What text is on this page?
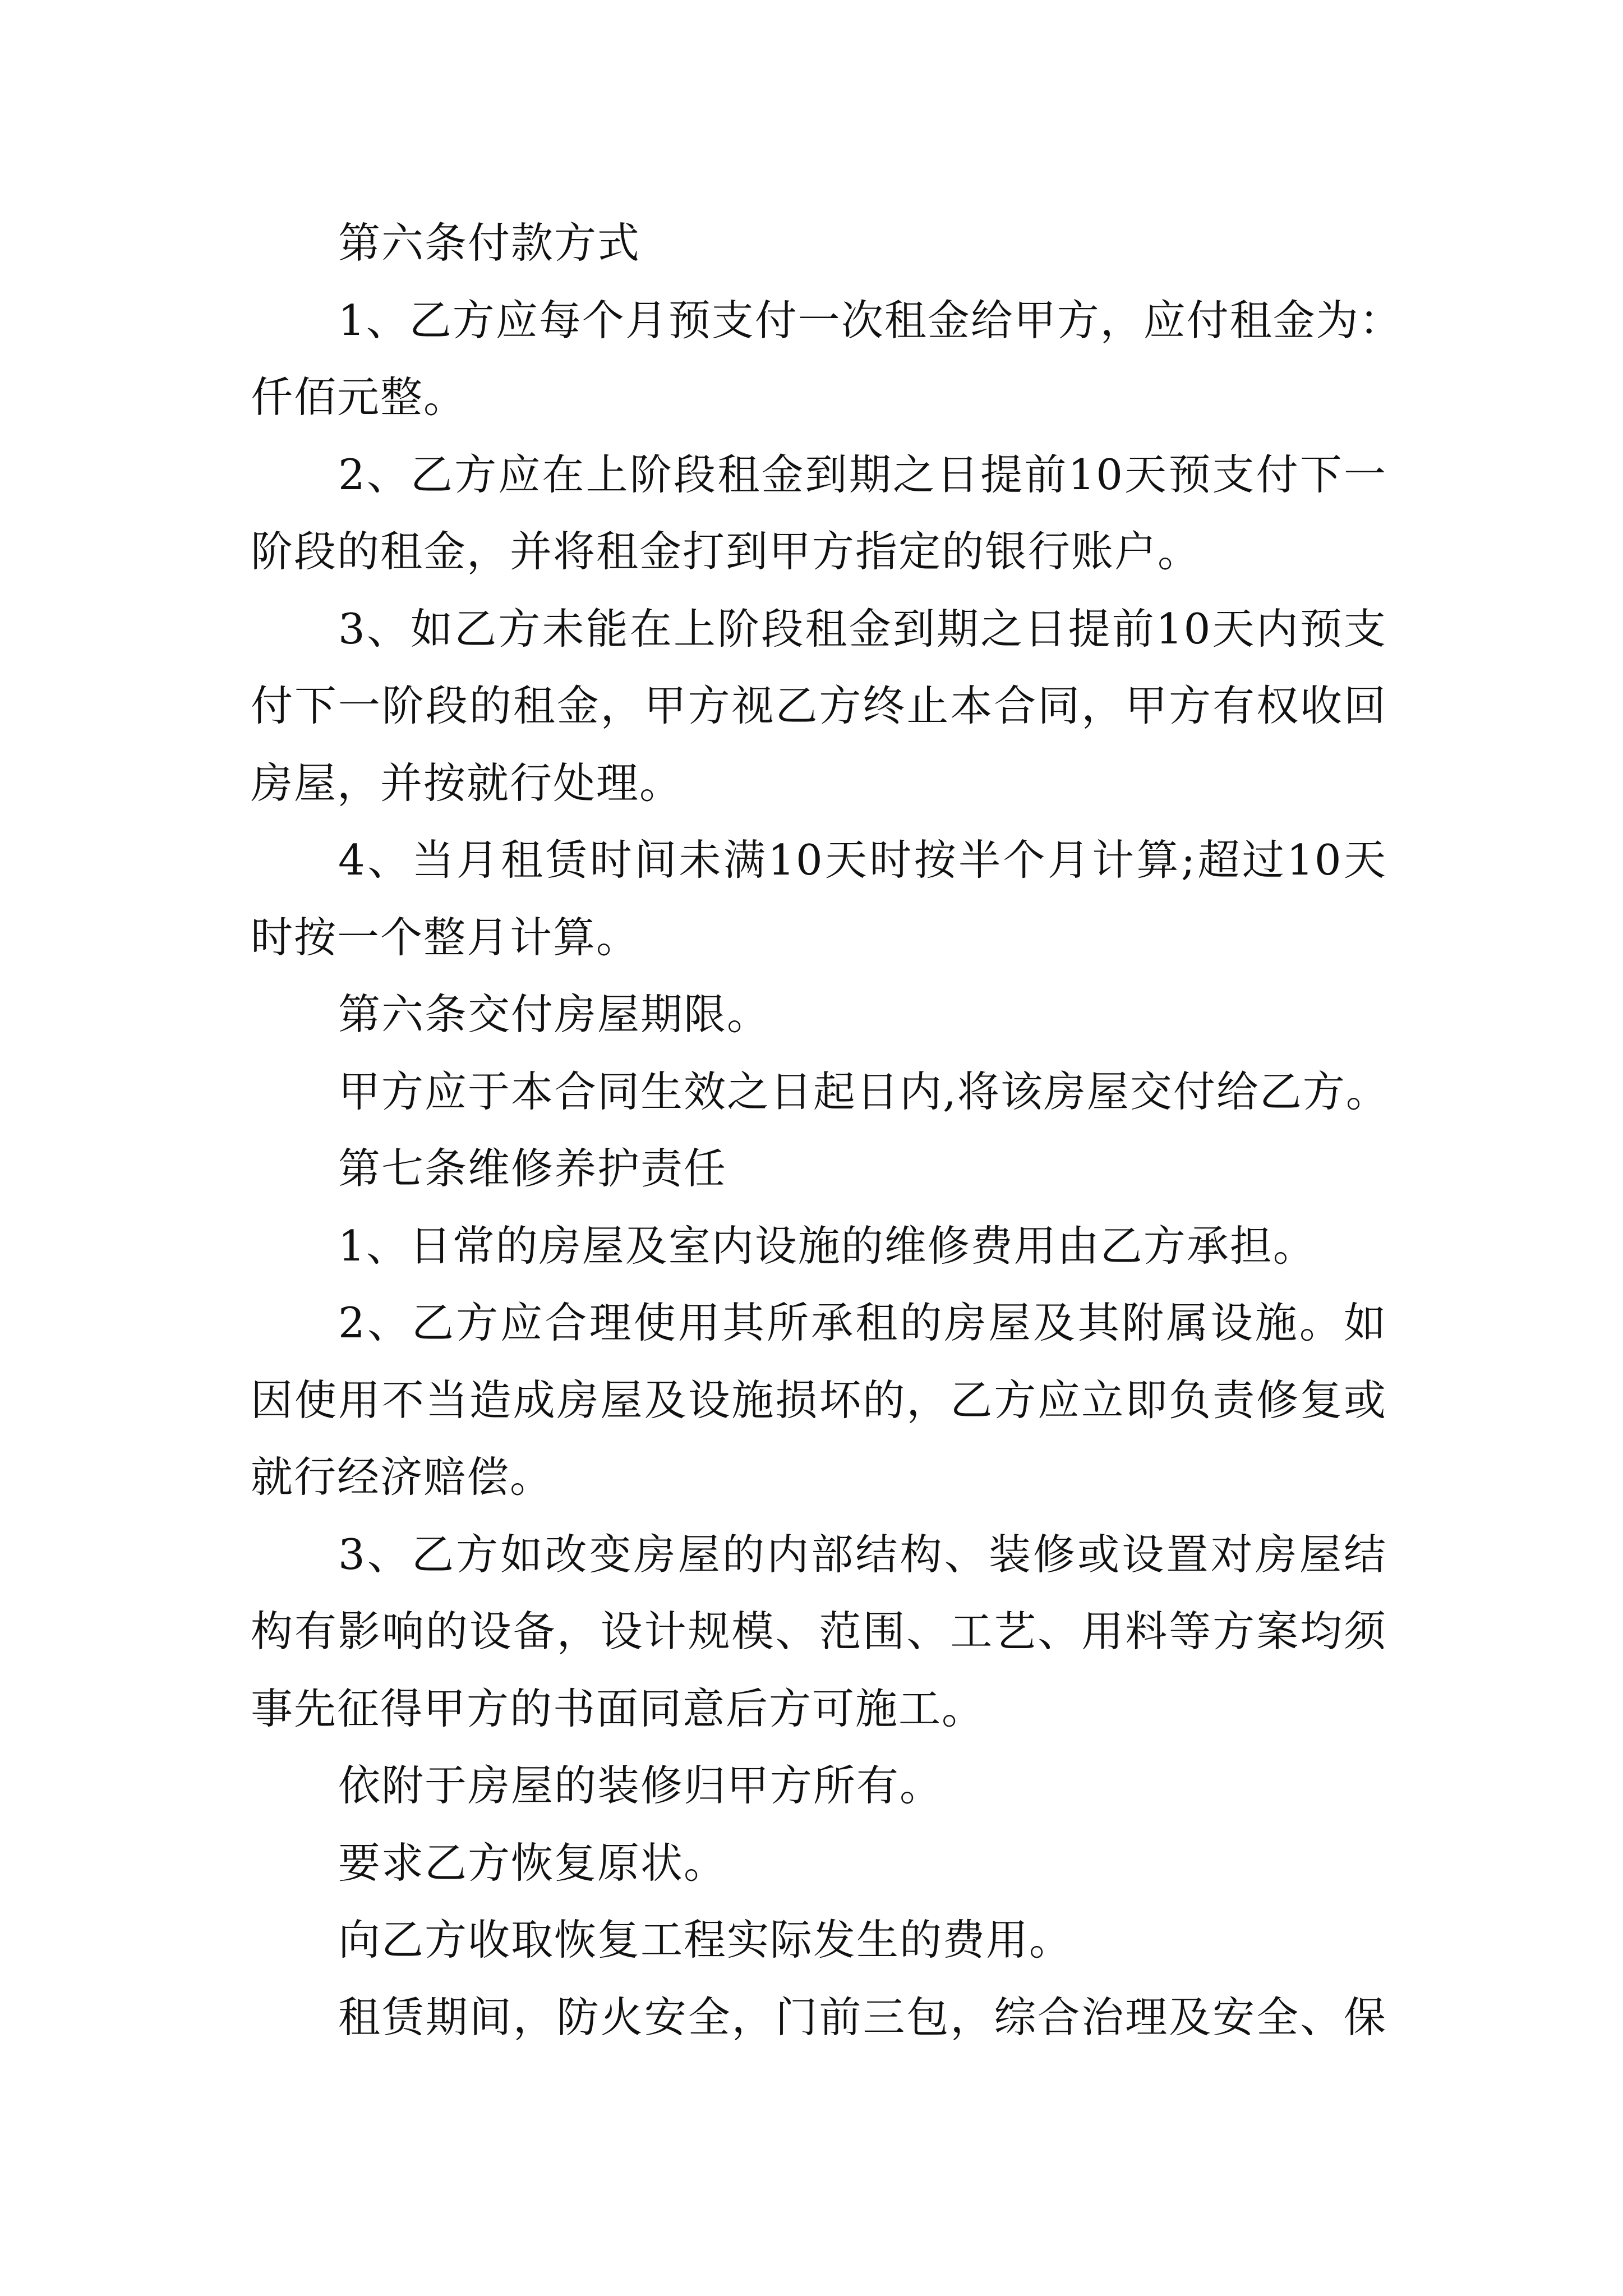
第六条付款方式
1、乙方应每个月预支付一次租金给甲方，应付租金为：
仟佰元整。
2、乙方应在上阶段租金到期之日提前10天预支付下一
阶段的租金，并将租金打到甲方指定的银行账户。
3、如乙方未能在上阶段租金到期之日提前10天内预支
付下一阶段的租金，甲方视乙方终止本合同，甲方有权收回
房屋，并按就行处理。
4、当月租赁时间未满10天时按半个月计算;超过10天
时按一个整月计算。
第六条交付房屋期限。
甲方应于本合同生效之日起日内,将该房屋交付给乙方。
第七条维修养护责任
1、日常的房屋及室内设施的维修费用由乙方承担。
2、乙方应合理使用其所承租的房屋及其附属设施。如
因使用不当造成房屋及设施损坏的，乙方应立即负责修复或
就行经济赔偿。
3、乙方如改变房屋的内部结构、装修或设置对房屋结
构有影响的设备，设计规模、范围、工艺、用料等方案均须
事先征得甲方的书面同意后方可施工。
依附于房屋的装修归甲方所有。
要求乙方恢复原状。
向乙方收取恢复工程实际发生的费用。
租赁期间，防火安全，门前三包，综合治理及安全、保
